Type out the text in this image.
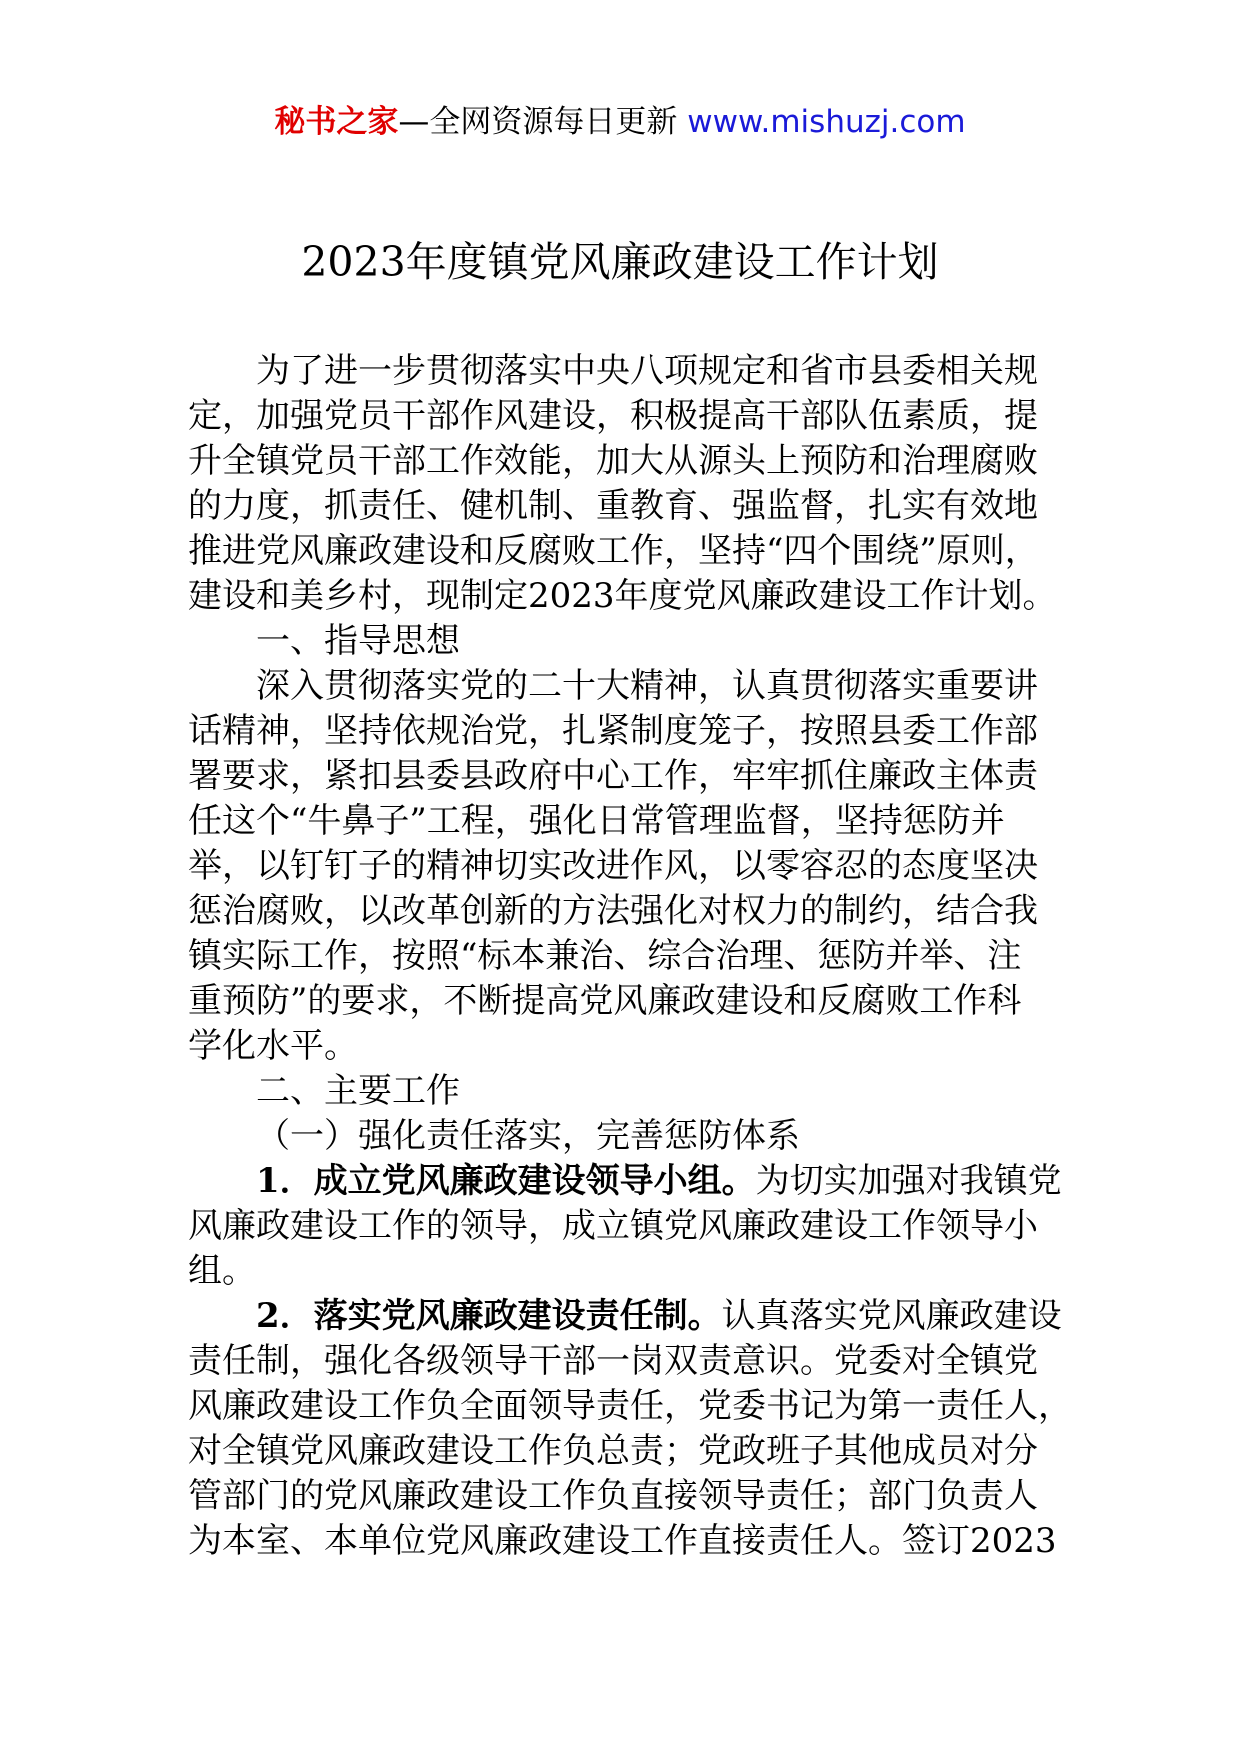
秘书之家—全网资源每日更新 www.mishuzj.com
2023年度镇党风廉政建设工作计划

为了进一步贯彻落实中央八项规定和省市县委相关规

定，加强党员干部作风建设，积极提高干部队伍素质，提

升全镇党员干部工作效能，加大从源头上预防和治理腐败

的力度，抓责任、健机制、重教育、强监督，扎实有效地

推进党风廉政建设和反腐败工作，坚持“四个围绕”原则，

建设和美乡村，现制定2023年度党风廉政建设工作计划。

一、指导思想

深入贯彻落实党的二十大精神，认真贯彻落实重要讲

话精神，坚持依规治党，扎紧制度笼子，按照县委工作部

署要求，紧扣县委县政府中心工作，牢牢抓住廉政主体责

任这个“牛鼻子”工程，强化日常管理监督，坚持惩防并

举，以钉钉子的精神切实改进作风，以零容忍的态度坚决

惩治腐败，以改革创新的方法强化对权力的制约，结合我

镇实际工作，按照“标本兼治、综合治理、惩防并举、注

重预防”的要求，不断提高党风廉政建设和反腐败工作科

学化水平。

二、主要工作

（一）强化责任落实，完善惩防体系

1．成立党风廉政建设领导小组。为切实加强对我镇党

风廉政建设工作的领导，成立镇党风廉政建设工作领导小

组。

2．落实党风廉政建设责任制。认真落实党风廉政建设

责任制，强化各级领导干部一岗双责意识。党委对全镇党

风廉政建设工作负全面领导责任，党委书记为第一责任人，

对全镇党风廉政建设工作负总责；党政班子其他成员对分

管部门的党风廉政建设工作负直接领导责任；部门负责人

为本室、本单位党风廉政建设工作直接责任人。签订2023
